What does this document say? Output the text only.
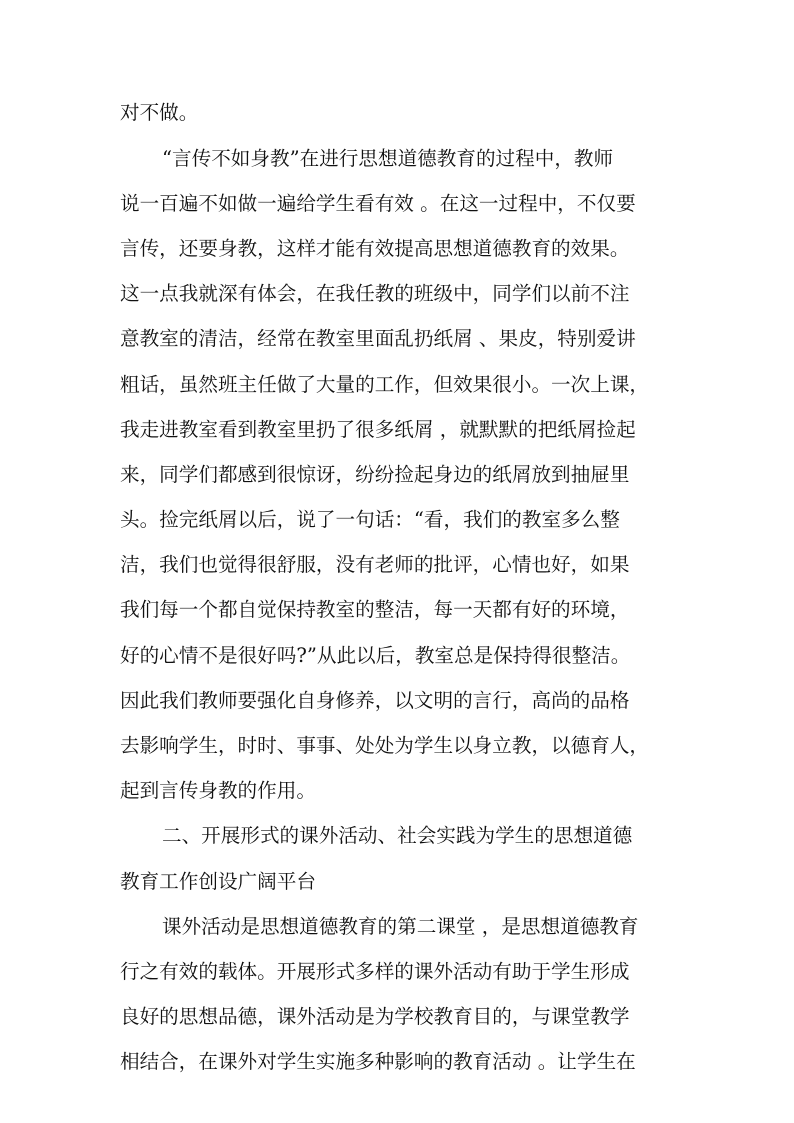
对不做。
“言传不如身教”在进行思想道德教育的过程中，教师
说一百遍不如做一遍给学生看有效 。在这一过程中，不仅要
言传，还要身教，这样才能有效提高思想道德教育的效果。
这一点我就深有体会，在我任教的班级中，同学们以前不注
意教室的清洁，经常在教室里面乱扔纸屑 、果皮，特别爱讲
粗话，虽然班主任做了大量的工作，但效果很小。一次上课，
我走进教室看到教室里扔了很多纸屑 ，就默默的把纸屑捡起
来，同学们都感到很惊讶，纷纷捡起身边的纸屑放到抽屉里
头。捡完纸屑以后，说了一句话：“看，我们的教室多么整
洁，我们也觉得很舒服，没有老师的批评，心情也好，如果
我们每一个都自觉保持教室的整洁，每一天都有好的环境，
好的心情不是很好吗?”从此以后，教室总是保持得很整洁。
因此我们教师要强化自身修养，以文明的言行，高尚的品格
去影响学生，时时、事事、处处为学生以身立教，以德育人，
起到言传身教的作用。
二、开展形式的课外活动、社会实践为学生的思想道德
教育工作创设广阔平台
课外活动是思想道德教育的第二课堂 ，是思想道德教育
行之有效的载体。开展形式多样的课外活动有助于学生形成
良好的思想品德，课外活动是为学校教育目的，与课堂教学
相结合，在课外对学生实施多种影响的教育活动 。让学生在
